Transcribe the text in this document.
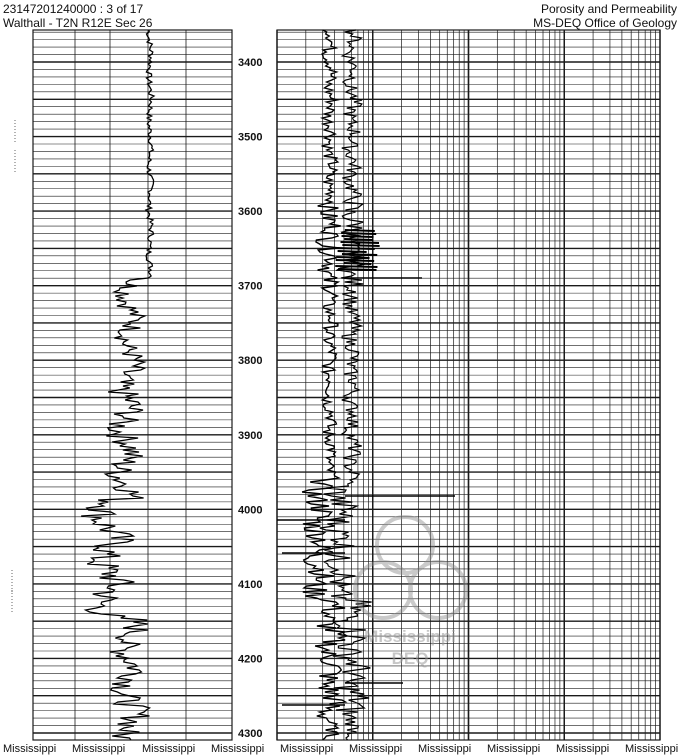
23147201240000 : 3 of 17
Walthall - T2N R12E Sec 26
Porosity and Permeability
MS-DEQ Office of Geology
3400
3500
3600
3700
3800
3900
4000
4100
4200
4300
Mississippi
DEQ
Mississippi Mississippi Mississippi Mississippi Mississippi Mississippi Mississippi Mississippi Mississippi Mississippi
